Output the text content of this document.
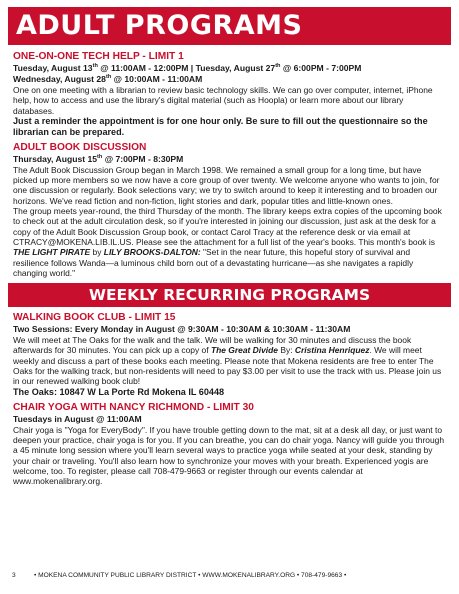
ADULT PROGRAMS

ONE-ON-ONE TECH HELP - LIMIT 1

Tuesday, August 13th @ 11:00AM - 12:00PM | Tuesday, August 27th @ 6:00PM - 7:00PM

Wednesday, August 28th @ 10:00AM - 11:00AM

One on one meeting with a librarian to review basic technology skills. We can go over computer, internet, iPhone help, how to access and use the library's digital material (such as Hoopla) or learn more about our library databases.

Just a reminder the appointment is for one hour only. Be sure to fill out the questionnaire so the librarian can be prepared.

ADULT BOOK DISCUSSION

Thursday, August 15th @ 7:00PM - 8:30PM

The Adult Book Discussion Group began in March 1998. We remained a small group for a long time, but have picked up more members so we now have a core group of over twenty. We welcome anyone who wants to join, for one discussion or regularly. Book selections vary; we try to switch around to keep it interesting and to broaden our horizons. We've read fiction and non-fiction, light stories and dark, popular titles and little-known ones.

The group meets year-round, the third Thursday of the month. The library keeps extra copies of the upcoming book to check out at the adult circulation desk, so if you're interested in joining our discussion, just ask at the desk for a copy of the Adult Book Discussion Group book, or contact Carol Tracy at the reference desk or via email at CTRACY@MOKENA.LIB.IL.US. Please see the attachment for a full list of the year's books. This month's book is THE LIGHT PIRATE by LILY BROOKS-DALTON: "Set in the near future, this hopeful story of survival and resilience follows Wanda—a luminous child born out of a devastating hurricane—as she navigates a rapidly changing world."

WEEKLY RECURRING PROGRAMS

WALKING BOOK CLUB - LIMIT 15

Two Sessions: Every Monday in August @ 9:30AM - 10:30AM & 10:30AM - 11:30AM

We will meet at The Oaks for the walk and the talk. We will be walking for 30 minutes and discuss the book afterwards for 30 minutes. You can pick up a copy of The Great Divide By: Cristina Henriquez. We will meet weekly and discuss a part of these books each meeting. Please note that Mokena residents are free to enter The Oaks for the walking track, but non-residents will need to pay $3.00 per visit to use the track with us. Please join us in our renewed walking book club!

The Oaks: 10847 W La Porte Rd Mokena IL 60448

CHAIR YOGA WITH NANCY RICHMOND - LIMIT 30

Tuesdays in August @ 11:00AM

Chair yoga is "Yoga for EveryBody". If you have trouble getting down to the mat, sit at a desk all day, or just want to deepen your practice, chair yoga is for you. If you can breathe, you can do chair yoga. Nancy will guide you through a 45 minute long session where you'll learn several ways to practice yoga while seated at your desk, standing by your chair or traveling. You'll also learn how to synchronize your moves with your breath. Experienced yogis are welcome, too. To register, please call 708-479-9663 or register through our events calendar at www.mokenalibrary.org.

3	• MOKENA COMMUNITY PUBLIC LIBRARY DISTRICT • WWW.MOKENALIBRARY.ORG • 708-479-9663 •
